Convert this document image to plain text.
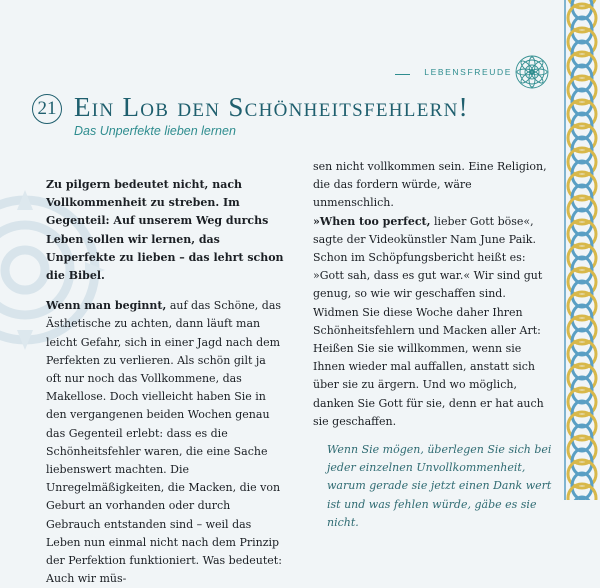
LEBENSFREUDE
21 Ein Lob den Schönheitsfehlern!
Das Unperfekte lieben lernen

Zu pilgern bedeutet nicht, nach Vollkommenheit zu streben. Im Gegenteil: Auf unserem Weg durchs Leben sollen wir lernen, das Unperfekte zu lieben – das lehrt schon die Bibel.

Wenn man beginnt, auf das Schöne, das Ästhetische zu achten, dann läuft man leicht Gefahr, sich in einer Jagd nach dem Perfekten zu verlieren. Als schön gilt ja oft nur noch das Vollkommene, das Makellose. Doch vielleicht haben Sie in den vergangenen beiden Wochen genau das Gegenteil erlebt: dass es die Schönheitsfehler waren, die eine Sache liebenswert machten. Die Unregelmäßigkeiten, die Macken, die von Geburt an vorhanden oder durch Gebrauch entstanden sind – weil das Leben nun einmal nicht nach dem Prinzip der Perfektion funktioniert. Was bedeutet: Auch wir müs-

sen nicht vollkommen sein. Eine Religion, die das fordern würde, wäre unmenschlich.
»When too perfect, lieber Gott böse«, sagte der Videokünstler Nam June Paik. Schon im Schöpfungsbericht heißt es: »Gott sah, dass es gut war.« Wir sind gut genug, so wie wir geschaffen sind. Widmen Sie diese Woche daher Ihren Schönheitsfehlern und Macken aller Art: Heißen Sie sie willkommen, wenn sie Ihnen wieder mal auffallen, anstatt sich über sie zu ärgern. Und wo möglich, danken Sie Gott für sie, denn er hat auch sie geschaffen.

Wenn Sie mögen, überlegen Sie sich bei jeder einzelnen Unvollkommenheit, warum gerade sie jetzt einen Dank wert ist und was fehlen würde, gäbe es sie nicht.
